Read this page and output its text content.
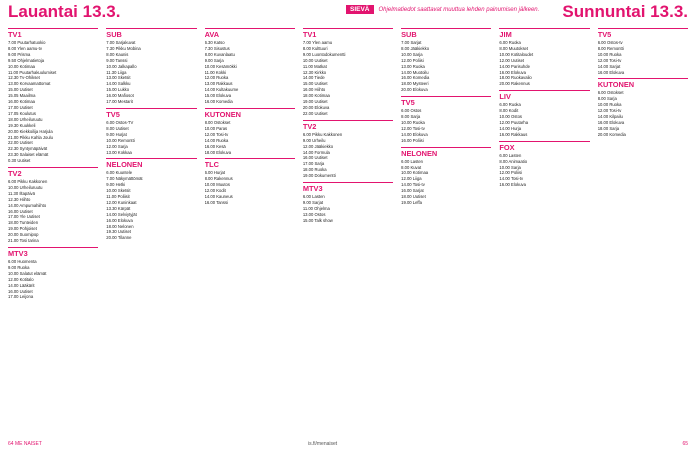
Lauantai 13.3.	SIEVÄ	Ohjelmatiedot saattavat muuttua lehden painumisen jälkeen. Sunnuntai 13.3.
TV1
7.00 Puutarhatuokio
8.00 Ylen aamu-tv
9.00 Prisma
9.50 Ohjelmatietoja
10.00 Kotimaa
11.00 Puutarhakuulumiset
12.30 Tv-Ohikset
13.00 Korvaamattomat
15.00 Uutiset
15.05 Maailma
16.00 Kotimaa
17.00 Uutiset
17.05 Koulutus
18.00 Urheiluruutu
19.30 Kuukkeli
20.00 Kiekkoilija Harjula
21.00 Pikku Kahla Joulu
22.00 Uutiset
22.30 Syntymäpäivät
23.30 Salaiset elämät
0.30 Uutiset
TV2
6.00 Pikku Kakkonen
10.00 Urheiluruutu
11.30 Iltapäivä
12.30 Hiihto
14.00 Ampumahiihto
16.00 Uutiset
17.00 Yle Uutiset
18.00 Tunteiden
19.00 Pohjoiset
20.00 Suomipop
21.00 Tosi tarina
MTV3
6.00 Huomenta
9.00 Ruoka
10.00 Salatut elämät
12.00 Kotitalo
14.00 Lääkärit
16.00 Uutiset
17.00 Leijona
SUB
7.00 Sarjakuvat
7.30 Pikku Mobina
8.00 Kaunis
9.00 Tanssi
10.00 Jalkapallo
11.30 Liiga
13.00 Sketsit
14.00 Salkku
15.00 Lukko
16.00 Mafiosot
17.00 Mestarit
TV5
6.00 Ostos-TV
8.00 Uutiset
9.00 Hurjat
10.00 Remontti
12.00 Sarja
13.00 Kokkaa
NELONEN
6.00 Kuuntele
7.00 Näkymättömät
9.00 Hetki
10.00 Sketsit
11.00 Poliisit
12.00 Kuninkaat
13.30 Kärpät
14.00 Selviytyjät
16.00 Elokuva
18.00 Nelonen
19.30 Uutiset
20.00 Tilanne
AVA
6.30 Katso
7.30 Sisustus
8.00 Kuvanlaatu
9.00 Sarja
10.00 Kesämökki
11.00 Kokki
12.00 Ruoka
13.00 Rakkaus
14.00 Kultakuume
15.00 Elokuva
16.00 Komedia
KUTONEN
8.00 Ostokset
10.00 Paras
12.00 Tosi-tv
14.00 Ruoka
16.00 Kesä
18.00 Elokuva
TLC
6.00 Hurjat
8.00 Rakennus
10.00 Muutos
12.00 Kodit
14.00 Kauneus
16.00 Tanssi
TV1
7.00 Ylen aamu
8.00 Kulttuuri
9.00 Luontodokumentti
10.00 Uutiset
11.00 Matkat
12.30 Kirkko
14.00 Tiede
15.00 Uutiset
16.00 Hiihto
18.00 Kotimaa
19.00 Uutiset
20.00 Elokuva
22.00 Uutiset
TV2
6.00 Pikku Kakkonen
9.00 Urheilu
12.00 Jääkiekko
14.00 Formula
16.00 Uutiset
17.00 Sarja
18.00 Ruoka
19.00 Dokumentti
MTV3
6.00 Lasten
9.00 Sarjat
11.00 Ohjelma
13.00 Ostos
15.00 Talk show
SUB
7.00 Sarjat
8.00 Jääkiekko
10.00 Sarja
12.00 Poliisi
13.00 Ruoka
14.00 Muotoilu
16.00 Komedia
18.00 Mysteeri
20.00 Elokuva
TV5
6.00 Ostos
8.00 Sarja
10.00 Ruoka
12.00 Tosi-tv
14.00 Elokuva
16.00 Poliisi
NELONEN
6.00 Lasten
8.00 Kuvat
10.00 Kotimaa
12.00 Liiga
14.00 Tosi-tv
16.00 Sarjat
18.00 Uutiset
19.00 Leffa
JIM
6.00 Ruoka
8.00 Muutokset
10.00 Kotitaloudet
12.00 Uutiset
14.00 Parisuhde
16.00 Elokuva
18.00 Ruokavalio
20.00 Rakennus
LIV
6.00 Ruoka
8.00 Kodit
10.00 Ostos
12.00 Puutarha
14.00 Hurja
16.00 Rakkaus
FOX
6.00 Lasten
8.00 Animaatio
10.00 Sarja
12.00 Poliisi
14.00 Tosi-tv
16.00 Elokuva
TV5
6.00 Ostos-tv
8.00 Remontti
10.00 Ruoka
12.00 Tosi-tv
14.00 Sarjat
16.00 Elokuva
KUTONEN
6.00 Ostokset
8.00 Sarja
10.00 Ruoka
12.00 Tosi-tv
14.00 Kilpailu
16.00 Elokuva
18.00 Sarja
20.00 Komedia
64 ME NAISET	is.fi/menaiset	65
